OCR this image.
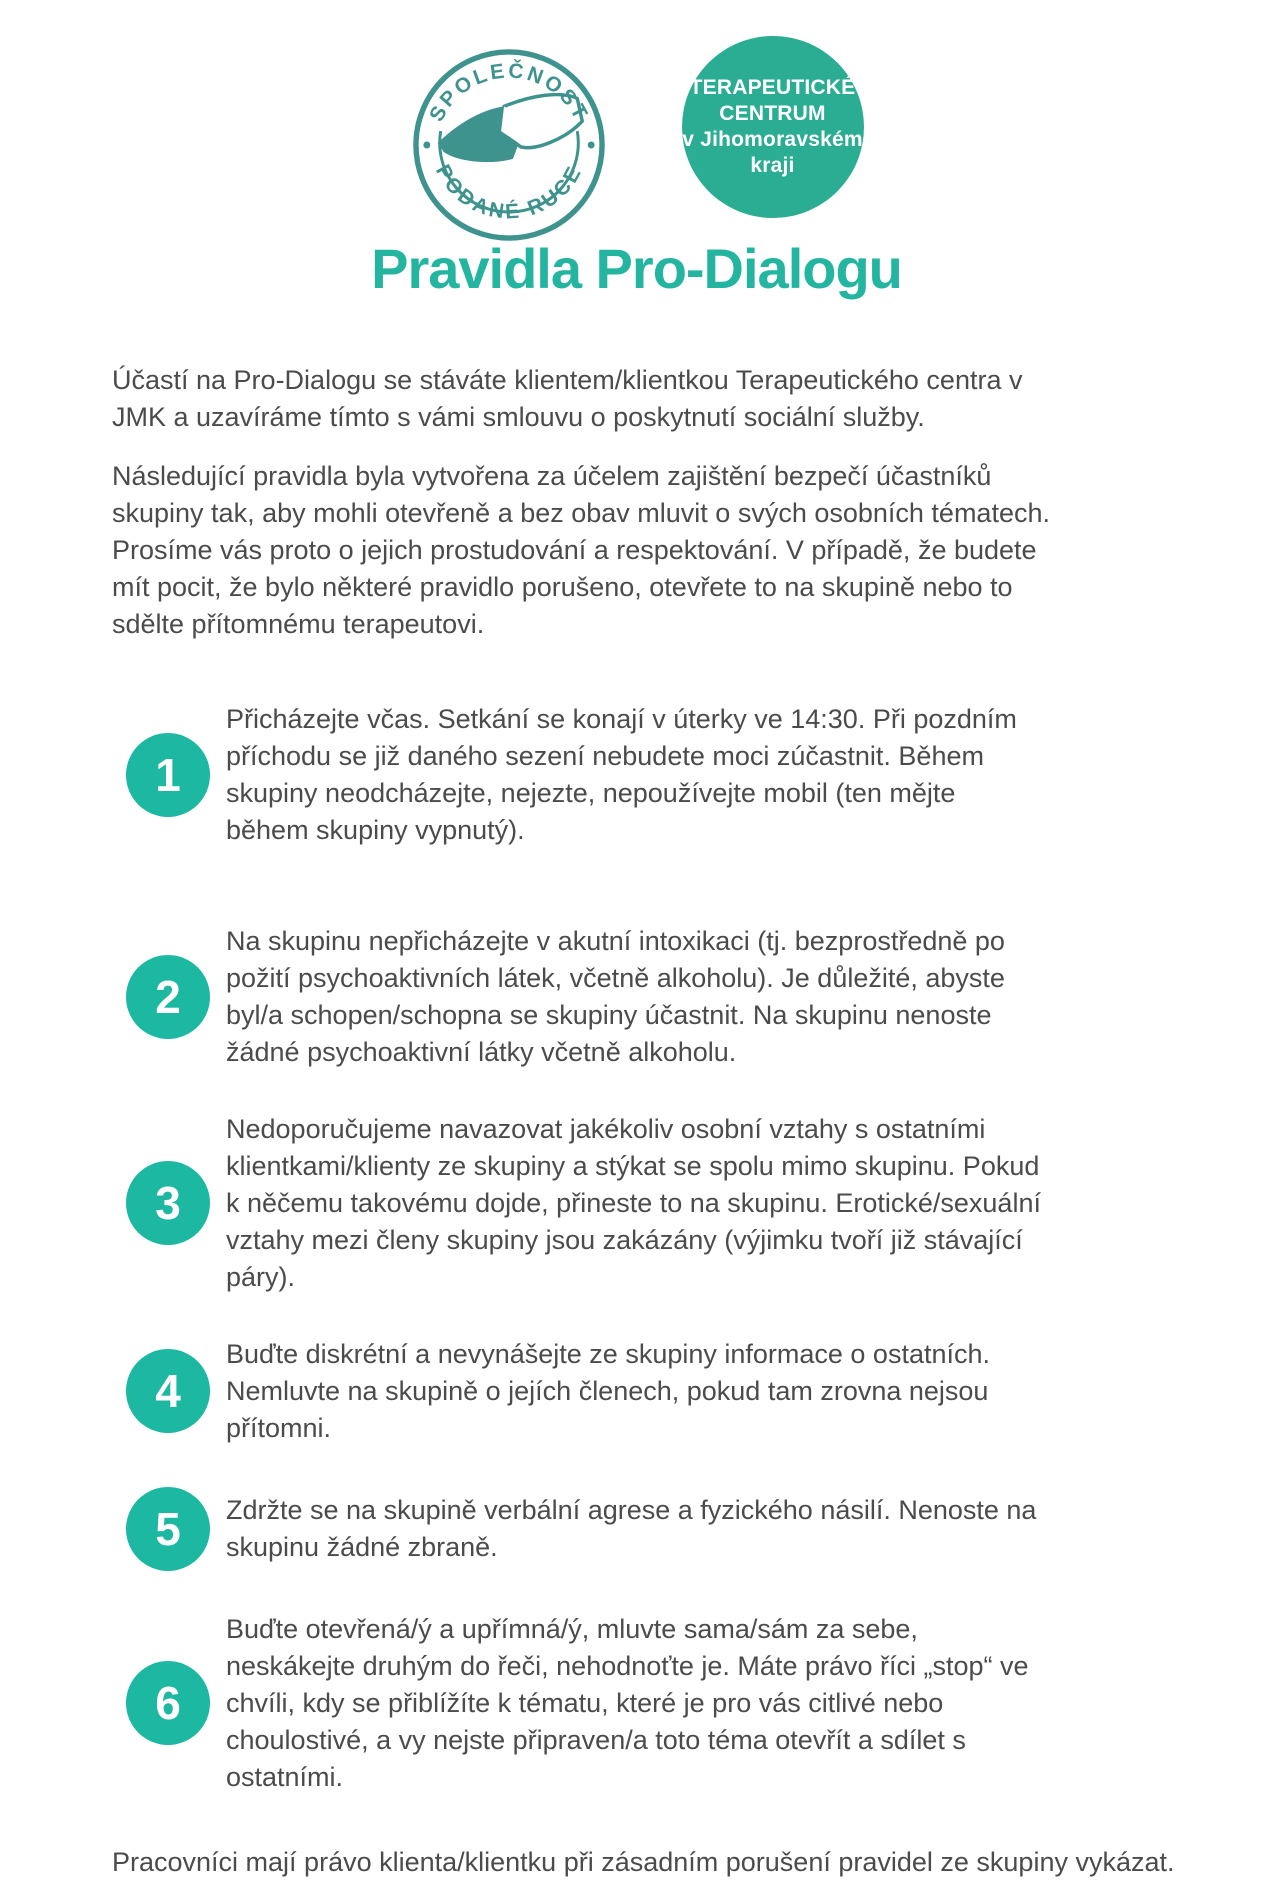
SPOLEČNOST
PODANÉ RUCE
TERAPEUTICKÉ
CENTRUM
v Jihomoravském
kraji
Pravidla Pro-Dialogu

Účastí na Pro-Dialogu se stáváte klientem/klientkou Terapeutického centra v JMK a uzavíráme tímto s vámi smlouvu o poskytnutí sociální služby.

Následující pravidla byla vytvořena za účelem zajištění bezpečí účastníků skupiny tak, aby mohli otevřeně a bez obav mluvit o svých osobních tématech. Prosíme vás proto o jejich prostudování a respektování. V případě, že budete mít pocit, že bylo některé pravidlo porušeno, otevřete to na skupině nebo to sdělte přítomnému terapeutovi.

1

Přicházejte včas. Setkání se konají v úterky ve 14:30. Při pozdním příchodu se již daného sezení nebudete moci zúčastnit. Během skupiny neodcházejte, nejezte, nepoužívejte mobil (ten mějte během skupiny vypnutý).

2

Na skupinu nepřicházejte v akutní intoxikaci (tj. bezprostředně po požití psychoaktivních látek, včetně alkoholu). Je důležité, abyste byl/a schopen/schopna se skupiny účastnit. Na skupinu nenoste žádné psychoaktivní látky včetně alkoholu.

3

Nedoporučujeme navazovat jakékoliv osobní vztahy s ostatními klientkami/klienty ze skupiny a stýkat se spolu mimo skupinu. Pokud k něčemu takovému dojde, přineste to na skupinu. Erotické/sexuální vztahy mezi členy skupiny jsou zakázány (výjimku tvoří již stávající páry).

4

Buďte diskrétní a nevynášejte ze skupiny informace o ostatních. Nemluvte na skupině o jejích členech, pokud tam zrovna nejsou přítomni.

5	Zdržte se na skupině verbální agrese a fyzického násilí. Nenoste na skupinu žádné zbraně.

6

Buďte otevřená/ý a upřímná/ý, mluvte sama/sám za sebe, neskákejte druhým do řeči, nehodnoťte je. Máte právo říci „stop“ ve chvíli, kdy se přiblížíte k tématu, které je pro vás citlivé nebo choulostivé, a vy nejste připraven/a toto téma otevřít a sdílet s ostatními.

Pracovníci mají právo klienta/klientku při zásadním porušení pravidel ze skupiny vykázat.
